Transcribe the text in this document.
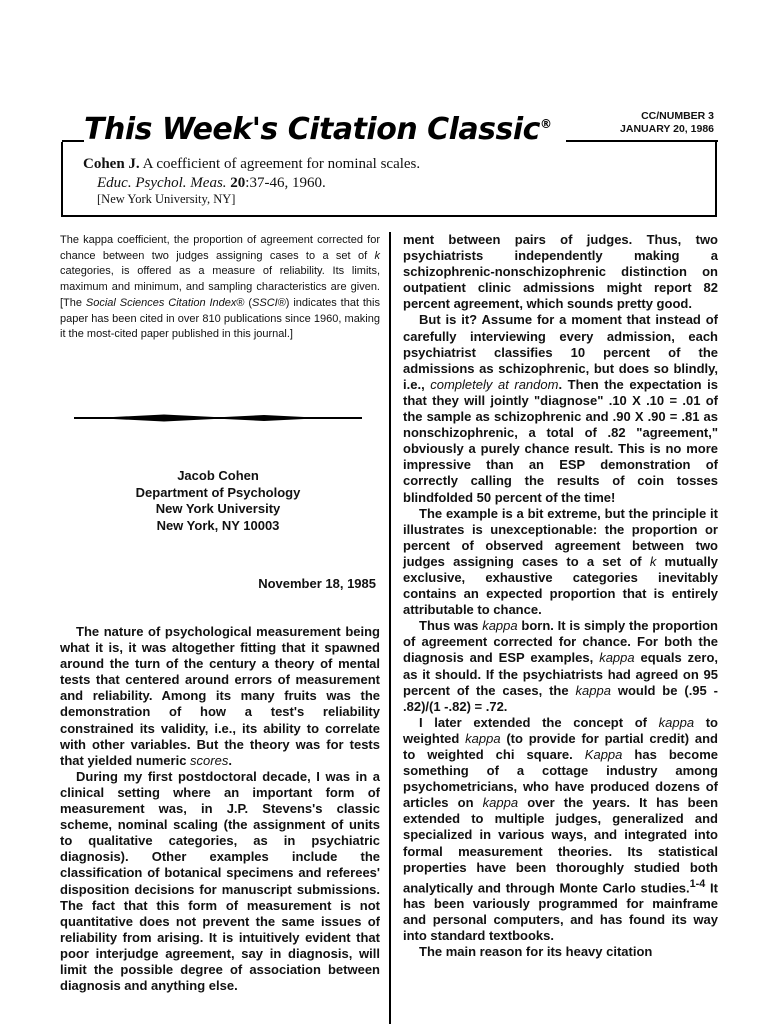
This Week's Citation Classic®
CC/NUMBER 3
JANUARY 20, 1986
Cohen J. A coefficient of agreement for nominal scales.
Educ. Psychol. Meas. 20:37-46, 1960.
[New York University, NY]

The kappa coefficient, the proportion of agreement corrected for chance between two judges assigning cases to a set of k categories, is offered as a measure of reliability. Its limits, maximum and minimum, and sampling characteristics are given. [The Social Sciences Citation Index® (SSCI®) indicates that this paper has been cited in over 810 publications since 1960, making it the most-cited paper published in this journal.]

Jacob Cohen
Department of Psychology
New York University
New York, NY 10003
November 18, 1985

The nature of psychological measurement being what it is, it was altogether fitting that it spawned around the turn of the century a theory of mental tests that centered around errors of measurement and reliability. Among its many fruits was the demonstration of how a test's reliability constrained its validity, i.e., its ability to correlate with other variables. But the theory was for tests that yielded numeric scores.

During my first postdoctoral decade, I was in a clinical setting where an important form of measurement was, in J.P. Stevens's classic scheme, nominal scaling (the assignment of units to qualitative categories, as in psychiatric diagnosis). Other examples include the classification of botanical specimens and referees' disposition decisions for manuscript submissions. The fact that this form of measurement is not quantitative does not prevent the same issues of reliability from arising. It is intuitively evident that poor interjudge agreement, say in diagnosis, will limit the possible degree of association between diagnosis and anything else.

ment between pairs of judges. Thus, two psychiatrists independently making a schizophrenic-nonschizophrenic distinction on outpatient clinic admissions might report 82 percent agreement, which sounds pretty good.

But is it? Assume for a moment that instead of carefully interviewing every admission, each psychiatrist classifies 10 percent of the admissions as schizophrenic, but does so blindly, i.e., completely at random. Then the expectation is that they will jointly "diagnose" .10 X .10 = .01 of the sample as schizophrenic and .90 X .90 = .81 as nonschizophrenic, a total of .82 "agreement," obviously a purely chance result. This is no more impressive than an ESP demonstration of correctly calling the results of coin tosses blindfolded 50 percent of the time!

The example is a bit extreme, but the principle it illustrates is unexceptionable: the proportion or percent of observed agreement between two judges assigning cases to a set of k mutually exclusive, exhaustive categories inevitably contains an expected proportion that is entirely attributable to chance.

Thus was kappa born. It is simply the proportion of agreement corrected for chance. For both the diagnosis and ESP examples, kappa equals zero, as it should. If the psychiatrists had agreed on 95 percent of the cases, the kappa would be (.95 - .82)/(1 -.82) = .72.

I later extended the concept of kappa to weighted kappa (to provide for partial credit) and to weighted chi square. Kappa has become something of a cottage industry among psychometricians, who have produced dozens of articles on kappa over the years. It has been extended to multiple judges, generalized and specialized in various ways, and integrated into formal measurement theories. Its statistical properties have been thoroughly studied both analytically and through Monte Carlo studies.$^{1-4}$ It has been variously programmed for mainframe and personal computers, and has found its way into standard textbooks.

The main reason for its heavy citation
